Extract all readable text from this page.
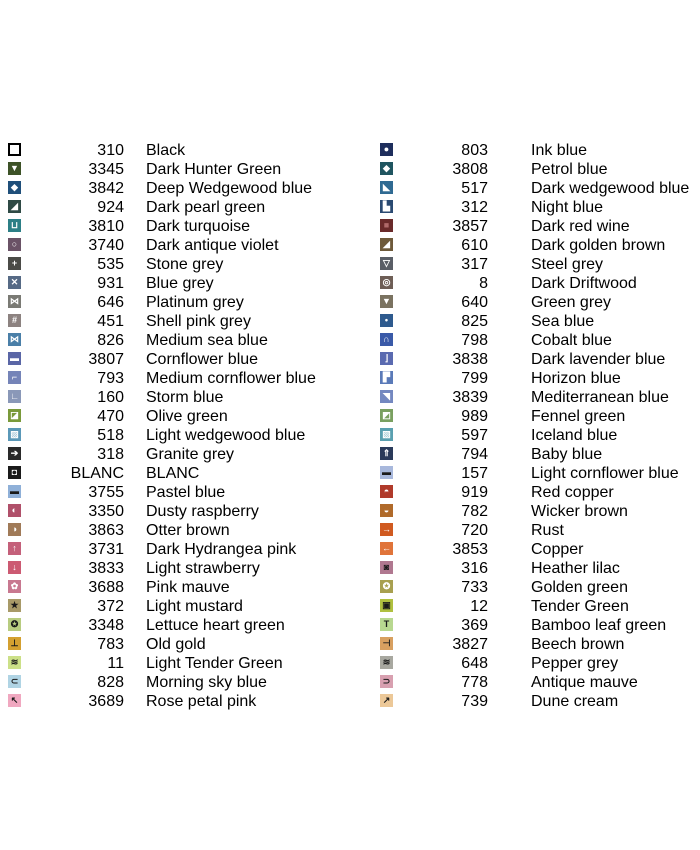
310 Black
▼	3345 Dark Hunter Green
◆	3842 Deep Wedgewood blue
◢	924 Dark pearl green
⊔	3810 Dark turquoise
○	3740 Dark antique violet
+	535 Stone grey
✕	931 Blue grey
⋈	646 Platinum grey
#	451 Shell pink grey
⋈	826 Medium sea blue
▬	3807 Cornflower blue
⌐	793 Medium cornflower blue
∟	160 Storm blue
◪	470 Olive green
▨	518 Light wedgewood blue
➔	318 Granite grey
◘	BLANC BLANC
▬	3755 Pastel blue
◐	3350 Dusty raspberry
◑	3863 Otter brown
↑	3731 Dark Hydrangea pink
↓	3833 Light strawberry
✿	3688 Pink mauve
★	372 Light mustard
✪	3348 Lettuce heart green
⊥	783 Old gold
≋	11 Light Tender Green
⊂	828 Morning sky blue
↖	3689 Rose petal pink
●	803	Ink blue
◆	3808	Petrol blue
◣	517	Dark wedgewood blue
▙	312	Night blue
■	3857	Dark red wine
◢	610	Dark golden brown
▽	317	Steel grey
◎	8	Dark Driftwood
▼	640	Green grey
•	825	Sea blue
∩	798	Cobalt blue
⌋	3838	Dark lavender blue
▛	799	Horizon blue
◥	3839	Mediterranean blue
◩	989	Fennel green
▧	597	Iceland blue
⇑	794	Baby blue
▬	157	Light cornflower blue
◓	919	Red copper
◒	782	Wicker brown
→	720	Rust
←	3853	Copper
◙	316	Heather lilac
✪	733	Golden green
▣	12	Tender Green
T	369	Bamboo leaf green
⊣	3827	Beech brown
≋	648	Pepper grey
⊃	778	Antique mauve
↗	739	Dune cream
